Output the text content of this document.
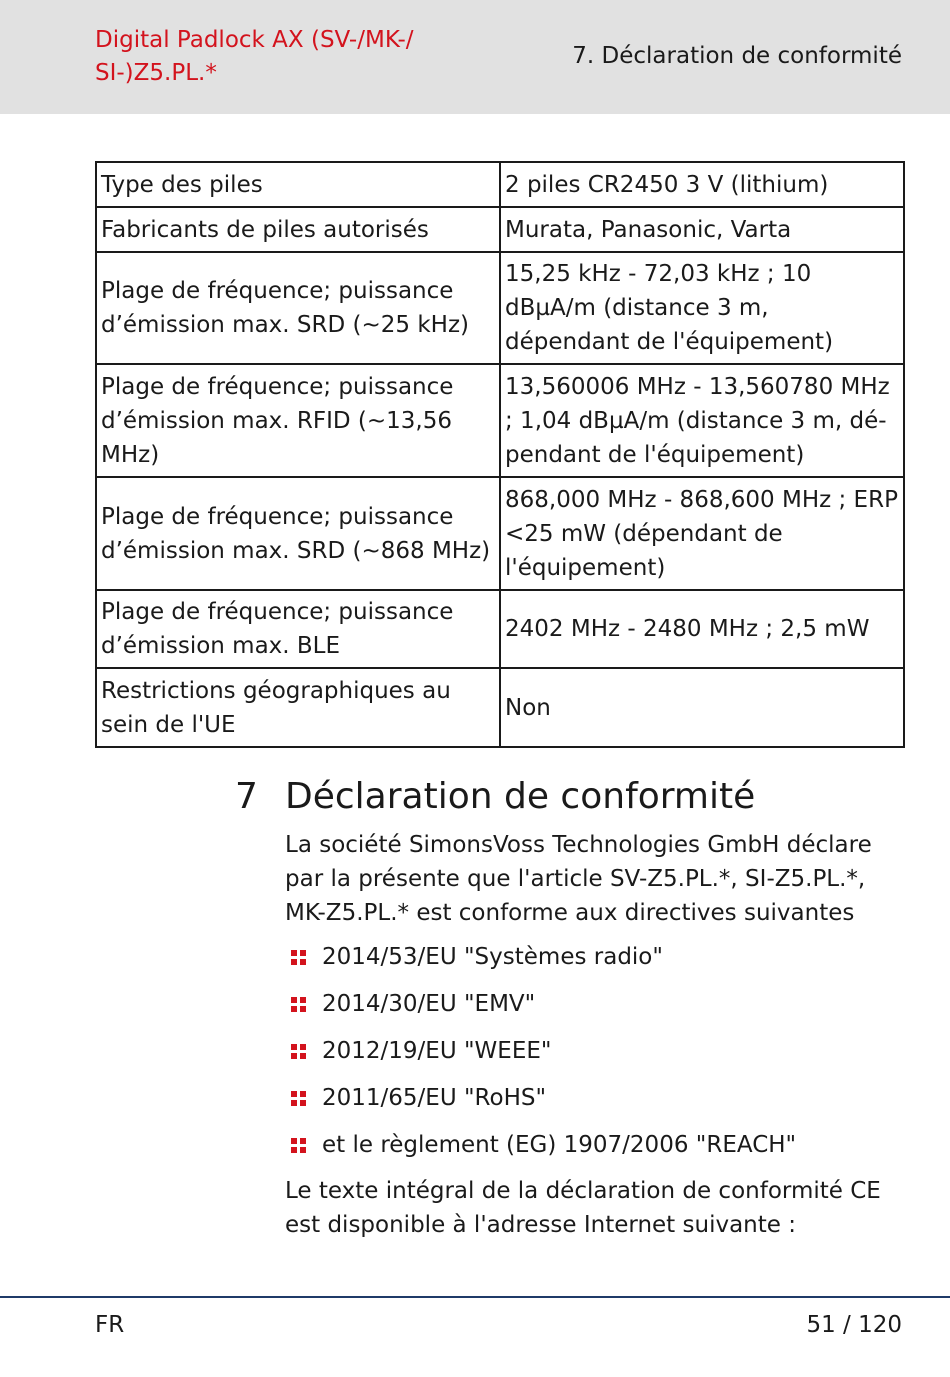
Digital Padlock AX (SV-/MK-/ SI-)Z5.PL.*
7. Déclaration de conformité
Type des piles	2 piles CR2450 3 V (lithium)
Fabricants de piles autorisés	Murata, Panasonic, Varta
Plage de fréquence; puissance d’émission max. SRD (~25 kHz)	15,25 kHz - 72,03 kHz ; 10 dBµA/m (distance 3 m, dépendant de l'équipement)
Plage de fréquence; puissance d’émission max. RFID (~13,56 MHz)	13,560006 MHz - 13,560780 MHz ; 1,04 dBµA/m (distance 3 m, dépendant de l'équipement)
Plage de fréquence; puissance d’émission max. SRD (~868 MHz)	868,000 MHz - 868,600 MHz ; ERP <25 mW (dépendant de l'équipement)
Plage de fréquence; puissance d’émission max. BLE	2402 MHz - 2480 MHz ; 2,5 mW
Restrictions géographiques au sein de l'UE	Non
7 Déclaration de conformité

La société SimonsVoss Technologies GmbH déclare par la présente que l'article SV-Z5.PL.*, SI-Z5.PL.*, MK-Z5.PL.* est conforme aux directives suivantes

2014/53/EU "Systèmes radio"
2014/30/EU "EMV"
2012/19/EU "WEEE"
2011/65/EU "RoHS"
et le règlement (EG) 1907/2006 "REACH"

Le texte intégral de la déclaration de conformité CE est disponible à l'adresse Internet suivante :

FR	51 / 120
